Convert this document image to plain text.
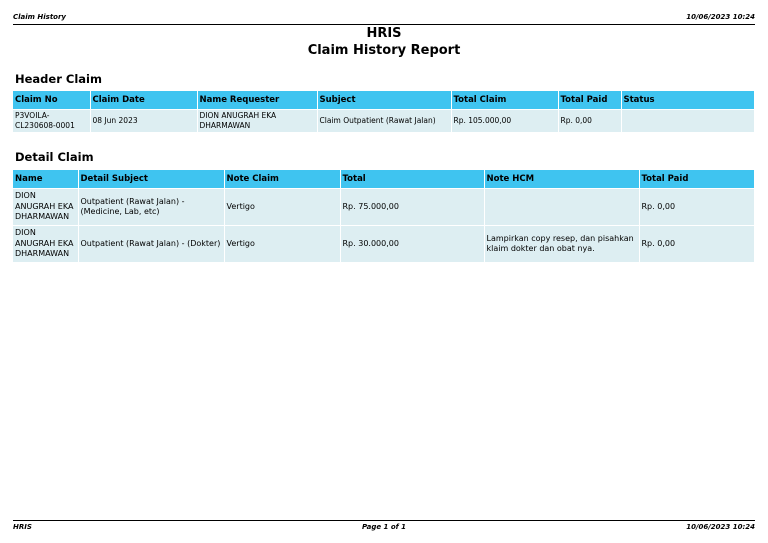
Claim History	10/06/2023 10:24
HRIS
Claim History Report
Header Claim
Claim No	Claim Date	Name Requester	Subject	Total Claim	Total Paid	Status
P3VOILA-CL230608-0001	08 Jun 2023	DION ANUGRAH EKA DHARMAWAN	Claim Outpatient (Rawat Jalan)	Rp. 105.000,00	Rp. 0,00	
Detail Claim
Name	Detail Subject	Note Claim	Total	Note HCM	Total Paid
DION ANUGRAH EKA DHARMAWAN	Outpatient (Rawat Jalan) - (Medicine, Lab, etc)	Vertigo	Rp. 75.000,00		Rp. 0,00
DION ANUGRAH EKA DHARMAWAN	Outpatient (Rawat Jalan) - (Dokter)	Vertigo	Rp. 30.000,00	Lampirkan copy resep, dan pisahkan klaim dokter dan obat nya.	Rp. 0,00
HRIS	Page 1 of 1	10/06/2023 10:24
